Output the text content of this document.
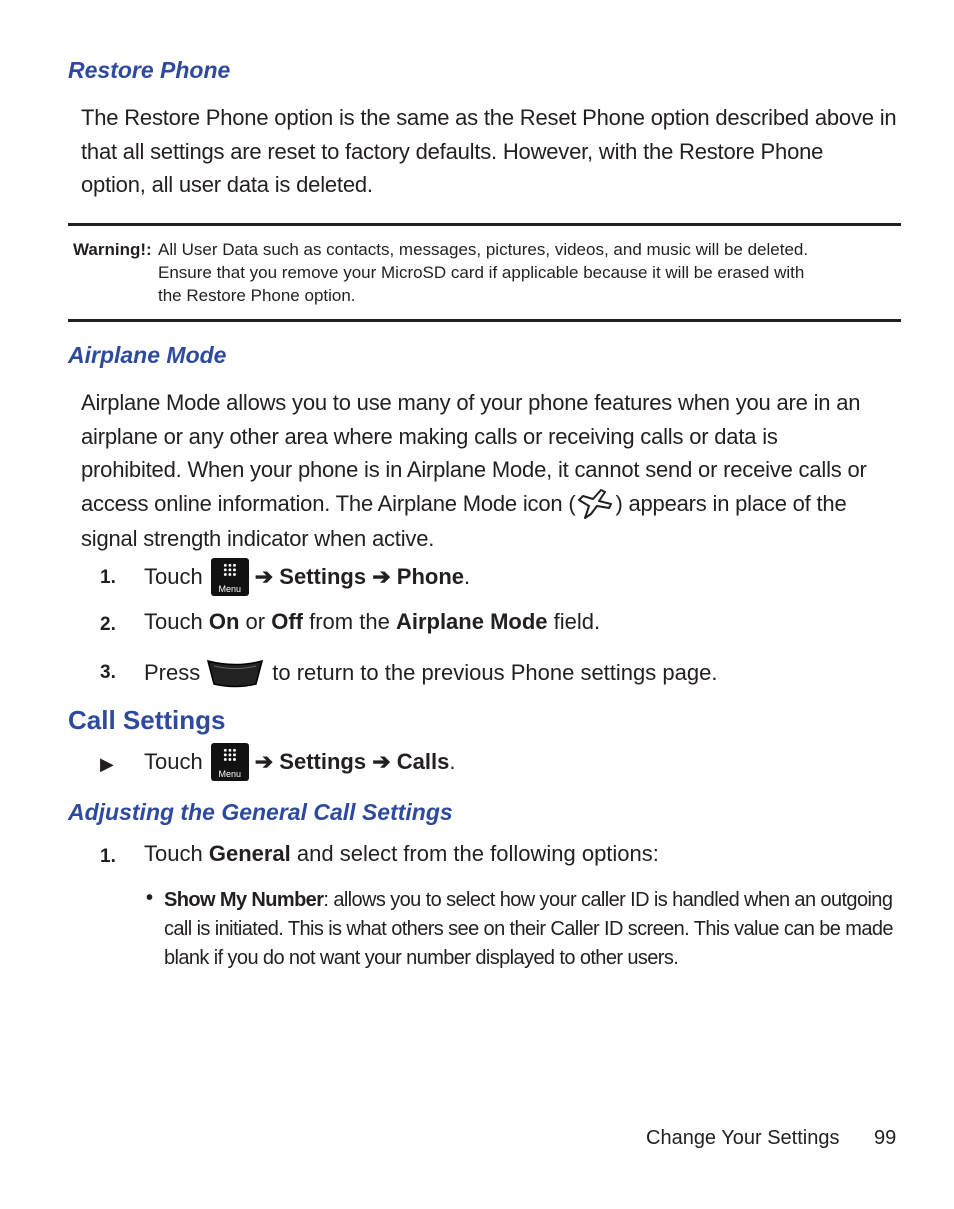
Restore Phone
The Restore Phone option is the same as the Reset Phone option described above in
that all settings are reset to factory defaults. However, with the Restore Phone
option, all user data is deleted.
Warning!: All User Data such as contacts, messages, pictures, videos, and music will be deleted.
Ensure that you remove your MicroSD card if applicable because it will be erased with
the Restore Phone option.
Airplane Mode
Airplane Mode allows you to use many of your phone features when you are in an
airplane or any other area where making calls or receiving calls or data is
prohibited. When your phone is in Airplane Mode, it cannot send or receive calls or
access online information. The Airplane Mode icon ( ) appears in place of the
signal strength indicator when active.
1. Touch	Menu ➔
Settings
➔
Phone .
2. Touch On or Off from the Airplane Mode field.
3. Press	to return to the previous Phone settings page.
Call Settings
▶ Touch	Menu ➔
Settings
➔
Calls .
Adjusting the General Call Settings
1. Touch General and select from the following options:
• Show My Number: allows you to select how your caller ID is handled when an outgoing
call is initiated. This is what others see on their Caller ID screen. This value can be made
blank if you do not want your number displayed to other users.
Change Your Settings 99
